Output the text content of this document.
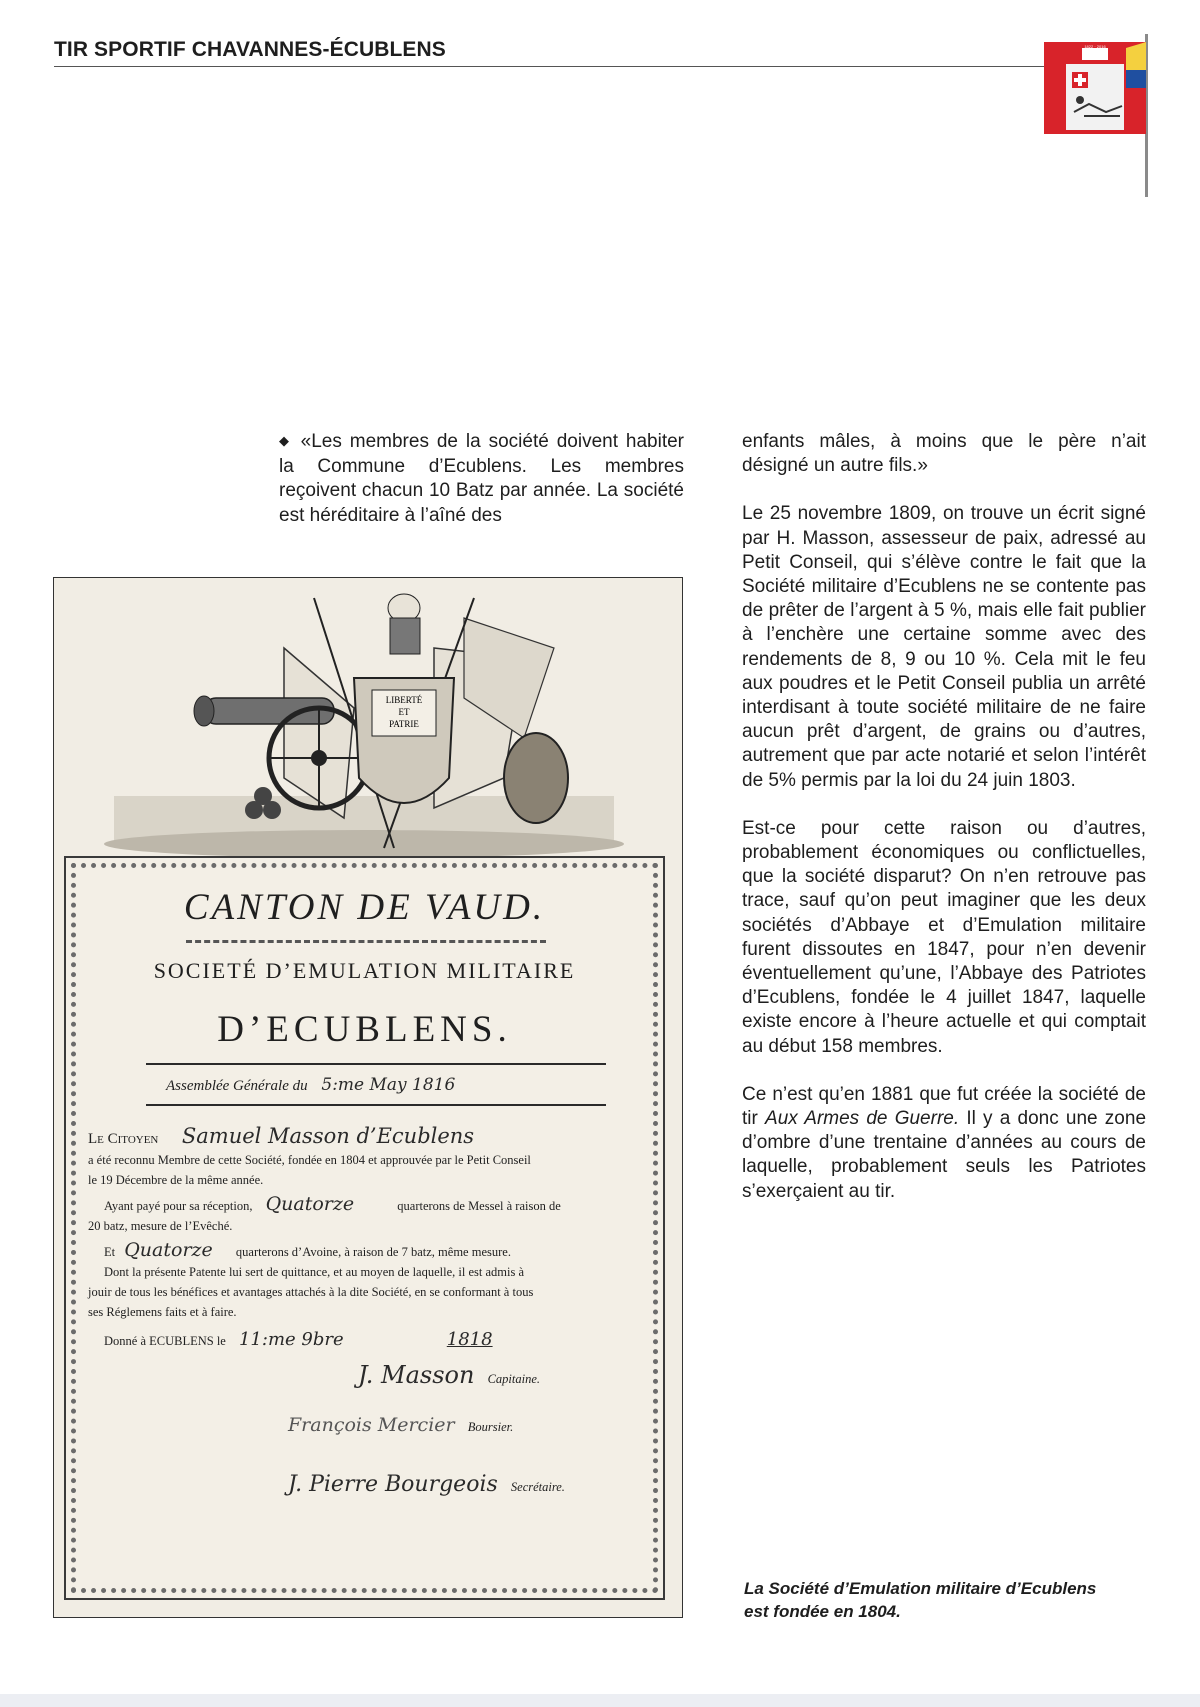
TIR SPORTIF CHAVANNES-ÉCUBLENS	1822 · 2016

◆ «Les membres de la société doivent habiter la Commune d’Ecublens. Les membres reçoivent chacun 10 Batz par année. La société est héréditaire à l’aîné des

enfants mâles, à moins que le père n’ait désigné un autre fils.»

Le 25 novembre 1809, on trouve un écrit signé par H. Masson, assesseur de paix, adressé au Petit Conseil, qui s’élève contre le fait que la Société militaire d’Ecublens ne se contente pas de prêter de l’argent à 5 %, mais elle fait publier à l’enchère une certaine somme avec des rendements de 8, 9 ou 10 %. Cela mit le feu aux poudres et le Petit Conseil publia un arrêté interdisant à toute société militaire de ne faire aucun prêt d’argent, de grains ou d’autres, autrement que par acte notarié et selon l’intérêt de 5% permis par la loi du 24 juin 1803.

Est-ce pour cette raison ou d’autres, probablement économiques ou conflictuelles, que la société disparut? On n’en retrouve pas trace, sauf qu’on peut imaginer que les deux sociétés d’Abbaye et d’Emulation militaire furent dissoutes en 1847, pour n’en devenir éventuellement qu’une, l’Abbaye des Patriotes d’Ecublens, fondée le 4 juillet 1847, laquelle existe encore à l’heure actuelle et qui comptait au début 158 membres.

Ce n’est qu’en 1881 que fut créée la société de tir Aux Armes de Guerre. Il y a donc une zone d’ombre d’une trentaine d’années au cours de laquelle, probablement seuls les Patriotes s’exerçaient au tir.

LIBERTÉ
ET
PATRIE
CANTON DE VAUD.
SOCIETÉ D’EMULATION MILITAIRE
D’ECUBLENS.
Assemblée Générale du 5:me May 1816
Le Citoyen Samuel Masson d’Ecublens
a été reconnu Membre de cette Société, fondée en 1804 et approuvée par le Petit Conseil
le 19 Décembre de la même année.
Ayant payé pour sa réception, Quatorze	quarterons de Messel à raison de
20 batz, mesure de l’Evêché.
Et Quatorze quarterons d’Avoine, à raison de 7 batz, même mesure.
Dont la présente Patente lui sert de quittance, et au moyen de laquelle, il est admis à
jouir de tous les bénéfices et avantages attachés à la dite Société, en se conformant à tous
ses Réglemens faits et à faire.
Donné à ECUBLENS le 11:me 9bre	1818
J. Masson Capitaine.
François Mercier Boursier.
J. Pierre Bourgeois Secrétaire.
La Société d’Emulation militaire d’Ecublens
est fondée en 1804.
